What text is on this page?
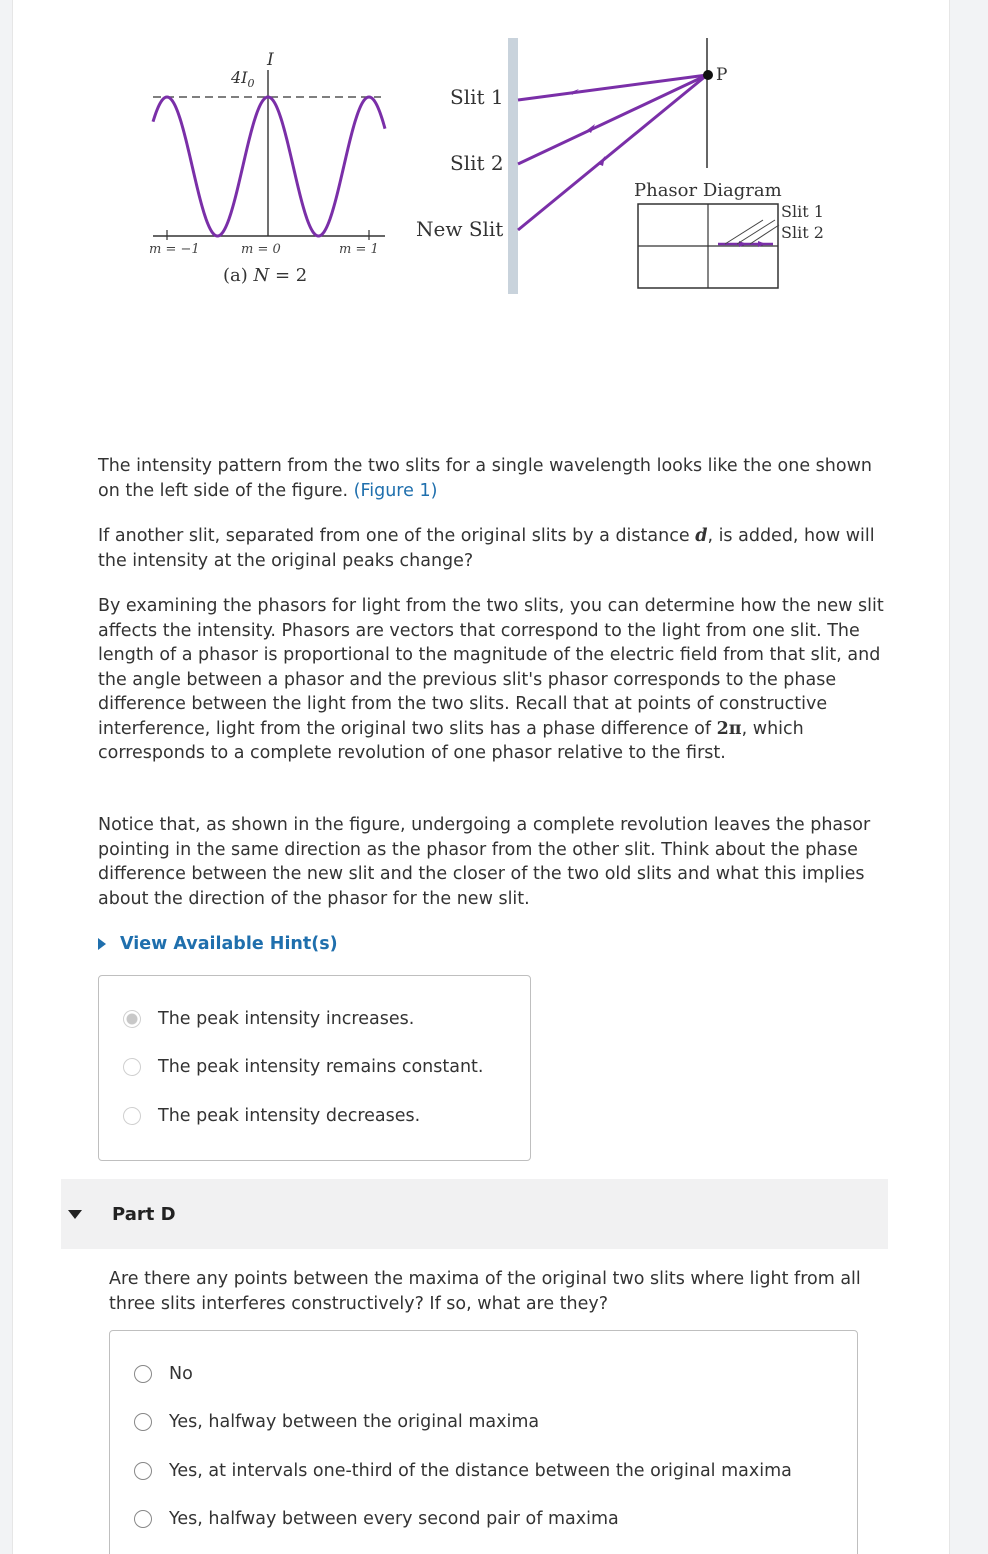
$4I_0$
I
m = −1	m = 0	m = 1
(a) N = 2
Slit 1
Slit 2
New Slit
P
Phasor Diagram
Slit 1
Slit 2

The intensity pattern from the two slits for a single wavelength looks like the one shown on the left side of the figure. (Figure 1)

If another slit, separated from one of the original slits by a distance d, is added, how will the intensity at the original peaks change?

By examining the phasors for light from the two slits, you can determine how the new slit affects the intensity. Phasors are vectors that correspond to the light from one slit. The length of a phasor is proportional to the magnitude of the electric field from that slit, and the angle between a phasor and the previous slit's phasor corresponds to the phase difference between the light from the two slits. Recall that at points of constructive interference, light from the original two slits has a phase difference of 2π, which corresponds to a complete revolution of one phasor relative to the first.

Notice that, as shown in the figure, undergoing a complete revolution leaves the phasor pointing in the same direction as the phasor from the other slit. Think about the phase difference between the new slit and the closer of the two old slits and what this implies about the direction of the phasor for the new slit.

View Available Hint(s)
The peak intensity increases.
The peak intensity remains constant.
The peak intensity decreases.
Part D

Are there any points between the maxima of the original two slits where light from all three slits interferes constructively? If so, what are they?

No
Yes, halfway between the original maxima
Yes, at intervals one-third of the distance between the original maxima
Yes, halfway between every second pair of maxima
